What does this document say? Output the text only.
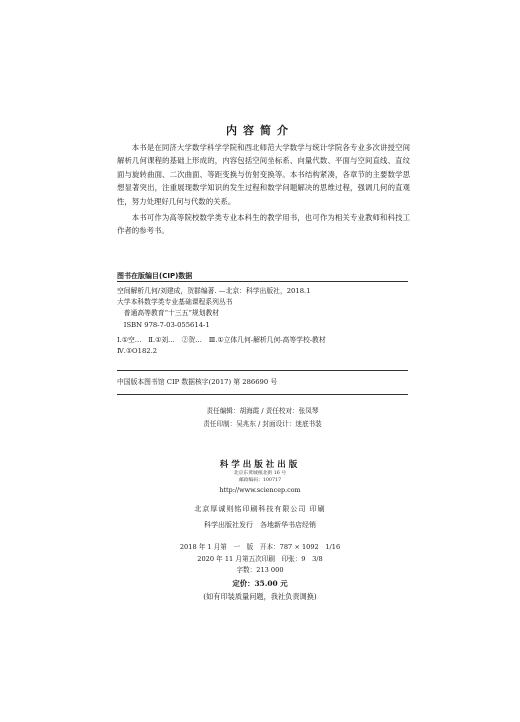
内容简介

本书是在同济大学数学科学学院和西北师范大学数学与统计学院各专业多次讲授空间解析几何课程的基础上形成的，内容包括空间坐标系、向量代数、平面与空间直线、直纹面与旋转曲面、二次曲面、等距变换与仿射变换等。本书结构紧凑，各章节的主要数学思想显著突出，注重展现数学知识的发生过程和数学问题解决的思维过程，强调几何的直观性，努力处理好几何与代数的关系。

本书可作为高等院校数学类专业本科生的教学用书，也可作为相关专业教师和科技工作者的参考书。

图书在版编目(CIP)数据
空间解析几何/刘建成，贺群编著. —北京：科学出版社，2018.1
大学本科数学类专业基础课程系列丛书
普通高等教育“十三五”规划教材
ISBN 978-7-03-055614-1
Ⅰ.①空…　Ⅱ.①刘…　②贺…　Ⅲ.①立体几何-解析几何-高等学校-教材
Ⅳ.①O182.2
中国版本图书馆 CIP 数据核字(2017) 第 286690 号
责任编辑：胡海霞 / 责任校对：张凤琴
责任印制：吴兆东 / 封面设计：迷底书装
科学出版社出版
北京东黄城根北街 16 号
邮政编码：100717
http://www.sciencep.com
北京厚诚则铭印刷科技有限公司 印刷
科学出版社发行　各地新华书店经销
2018 年 1 月第　一　版　开本：787 × 1092　1/16
2020 年 11 月第五次印刷　印张：9　3/8
字数：213 000
定价：35.00 元
(如有印装质量问题，我社负责调换)
